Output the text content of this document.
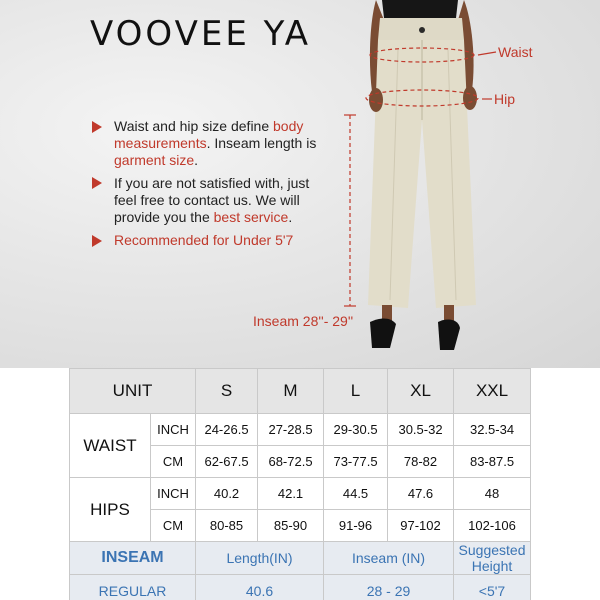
VOOVEE YA
Waist and hip size define body measurements. Inseam length is garment size.
If you are not satisfied with, just feel free to contact us. We will provide you the best service.
Recommended for Under 5'7
Waist
Hip
Inseam 28''- 29''
UNIT		S	M	L	XL	XXL
WAIST	INCH	24-26.5	27-28.5	29-30.5	30.5-32	32.5-34
	CM	62-67.5	68-72.5	73-77.5	78-82	83-87.5
HIPS	INCH	40.2	42.1	44.5	47.6	48
	CM	80-85	85-90	91-96	97-102	102-106
INSEAM		Length(IN)		Inseam (IN)		Suggested Height
REGULAR		40.6		28 - 29		<5'7
